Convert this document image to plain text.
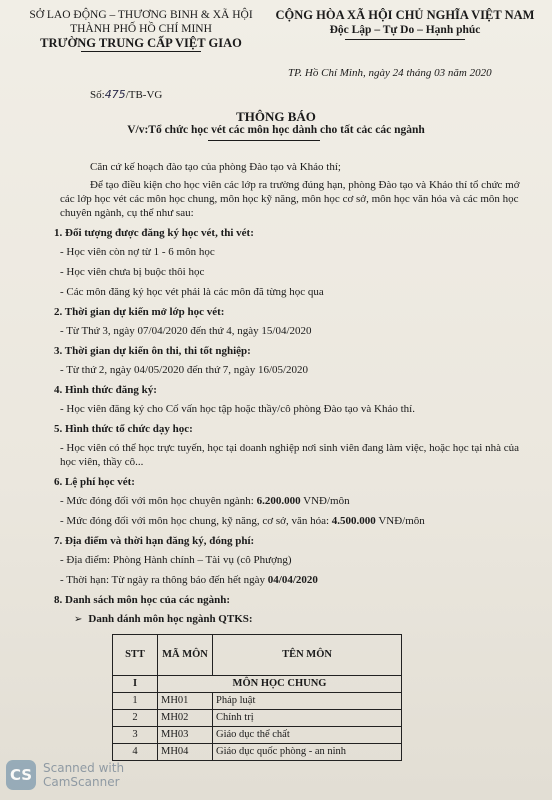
SỞ LAO ĐỘNG – THƯƠNG BINH & XÃ HỘI
THÀNH PHỐ HỒ CHÍ MINH
TRƯỜNG TRUNG CẤP VIỆT GIAO
CỘNG HÒA XÃ HỘI CHỦ NGHĨA VIỆT NAM
Độc Lập – Tự Do – Hạnh phúc
TP. Hồ Chí Minh, ngày 24 tháng 03 năm 2020
Số:475/TB-VG
THÔNG BÁO
V/v:Tổ chức học vét các môn học dành cho tất cảc các ngành

Căn cứ kế hoạch đào tạo của phòng Đào tạo và Khảo thí;

Để tạo điều kiện cho học viên các lớp ra trường đúng hạn, phòng Đào tạo và Khảo thí tổ chức mở các lớp học vét các môn học chung, môn học kỹ năng, môn học cơ sở, môn học văn hóa và các môn học chuyên ngành, cụ thể như sau:

1. Đối tượng được đăng ký học vét, thi vét:
- Học viên còn nợ từ 1 - 6 môn học
- Học viên chưa bị buộc thôi học
- Các môn đăng ký học vét phải là các môn đã từng học qua
2. Thời gian dự kiến mở lớp học vét:
- Từ Thứ 3, ngày 07/04/2020 đến thứ 4, ngày 15/04/2020
3. Thời gian dự kiến ôn thi, thi tốt nghiệp:
- Từ thứ 2, ngày 04/05/2020 đến thứ 7, ngày 16/05/2020
4. Hình thức đăng ký:
- Học viên đăng ký cho Cố vấn học tập hoặc thầy/cô phòng Đào tạo và Khảo thí.
5. Hình thức tổ chức dạy học:
- Học viên có thể học trực tuyến, học tại doanh nghiệp nơi sinh viên đang làm việc, hoặc học tại nhà của học viên, thầy cô...
6. Lệ phí học vét:
- Mức đóng đối với môn học chuyên ngành: 6.200.000 VNĐ/môn
- Mức đóng đối với môn học chung, kỹ năng, cơ sở, văn hóa: 4.500.000 VNĐ/môn
7. Địa điểm và thời hạn đăng ký, đóng phí:
- Địa điểm: Phòng Hành chính – Tài vụ (cô Phượng)
- Thời hạn: Từ ngày ra thông báo đến hết ngày 04/04/2020
8. Danh sách môn học của các ngành:
➢ Danh dánh môn học ngành QTKS:
STT	MÃ MÔN	TÊN MÔN
I	MÔN HỌC CHUNG	
1	MH01	Pháp luật
2	MH02	Chính trị
3	MH03	Giáo dục thể chất
4	MH04	Giáo dục quốc phòng - an ninh
CS Scanned with
CamScanner
